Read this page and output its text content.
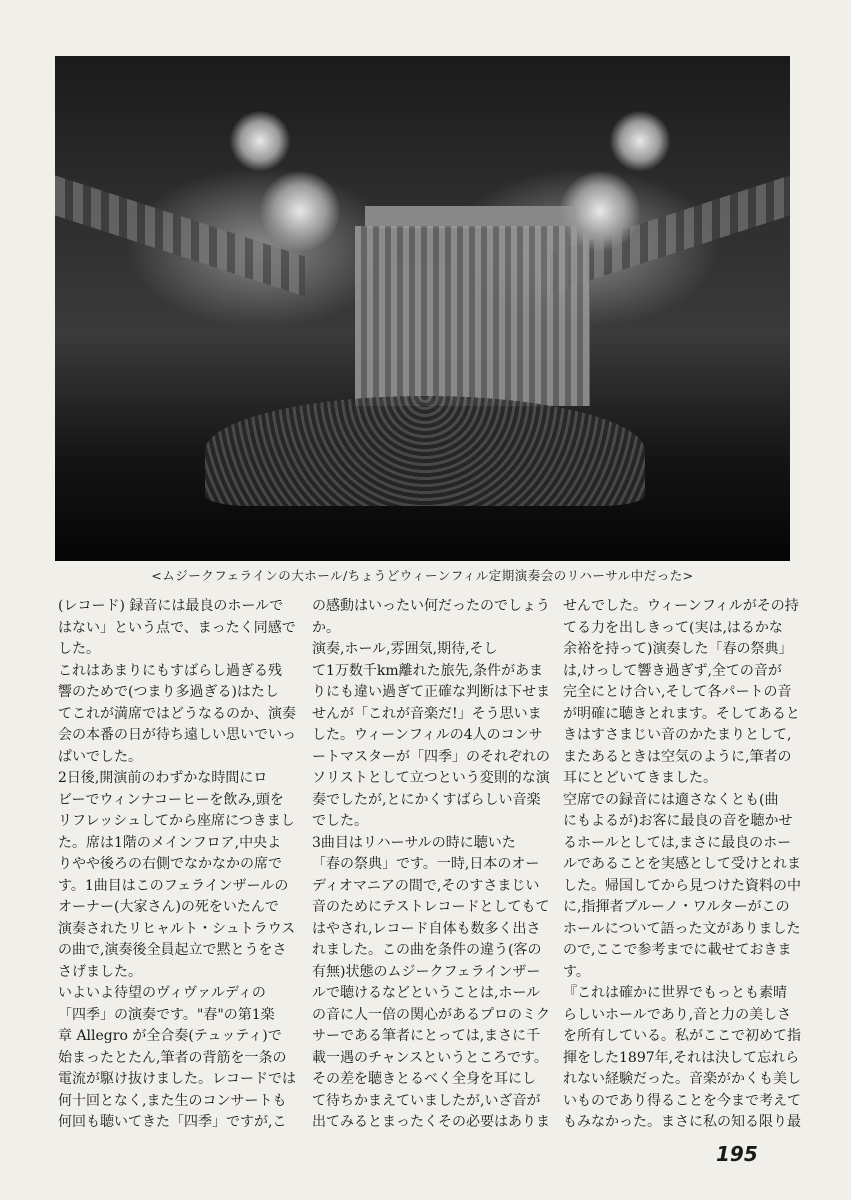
<ムジークフェラインの大ホール/ちょうどウィーンフィル定期演奏会のリハーサル中だった>

(レコード) 録音には最良のホールで

はない」という点で、まったく同感で

した。

これはあまりにもすばらし過ぎる残

響のためで(つまり多過ぎる)はたし

てこれが満席ではどうなるのか、演奏

会の本番の日が待ち遠しい思いでいっ

ぱいでした。

2日後,開演前のわずかな時間にロ

ビーでウィンナコーヒーを飲み,頭を

リフレッシュしてから座席につきまし

た。席は1階のメインフロア,中央よ

りやや後ろの右側でなかなかの席で

す。1曲目はこのフェラインザールの

オーナー(大家さん)の死をいたんで

演奏されたリヒャルト・シュトラウス

の曲で,演奏後全員起立で黙とうをさ

さげました。

いよいよ待望のヴィヴァルディの

「四季」の演奏です。"春"の第1楽

章 Allegro が全合奏(テュッティ)で

始まったとたん,筆者の背筋を一条の

電流が駆け抜けました。レコードでは

何十回となく,また生のコンサートも

何回も聴いてきた「四季」ですが,こ

の感動はいったい何だったのでしょう

か。

演奏,ホール,雰囲気,期待,そし

て1万数千km離れた旅先,条件があま

りにも違い過ぎて正確な判断は下せま

せんが「これが音楽だ!」そう思いま

した。ウィーンフィルの4人のコンサ

ートマスターが「四季」のそれぞれの

ソリストとして立つという変則的な演

奏でしたが,とにかくすばらしい音楽

でした。

3曲目はリハーサルの時に聴いた

「春の祭典」です。一時,日本のオー

ディオマニアの間で,そのすさまじい

音のためにテストレコードとしてもて

はやされ,レコード自体も数多く出さ

れました。この曲を条件の違う(客の

有無)状態のムジークフェラインザー

ルで聴けるなどということは,ホール

の音に人一倍の関心があるプロのミク

サーである筆者にとっては,まさに千

載一遇のチャンスというところです。

その差を聴きとるべく全身を耳にし

て待ちかまえていましたが,いざ音が

出てみるとまったくその必要はありま

せんでした。ウィーンフィルがその持

てる力を出しきって(実は,はるかな

余裕を持って)演奏した「春の祭典」

は,けっして響き過ぎず,全ての音が

完全にとけ合い,そして各パートの音

が明確に聴きとれます。そしてあると

きはすさまじい音のかたまりとして,

またあるときは空気のように,筆者の

耳にとどいてきました。

空席での録音には適さなくとも(曲

にもよるが)お客に最良の音を聴かせ

るホールとしては,まさに最良のホー

ルであることを実感として受けとれま

した。帰国してから見つけた資料の中

に,指揮者ブルーノ・ワルターがこの

ホールについて語った文がありました

ので,ここで参考までに載せておきま

す。

『これは確かに世界でもっとも素晴

らしいホールであり,音と力の美しさ

を所有している。私がここで初めて指

揮をした1897年,それは決して忘れら

れない経験だった。音楽がかくも美し

いものであり得ることを今まで考えて

もみなかった。まさに私の知る限り最

195
